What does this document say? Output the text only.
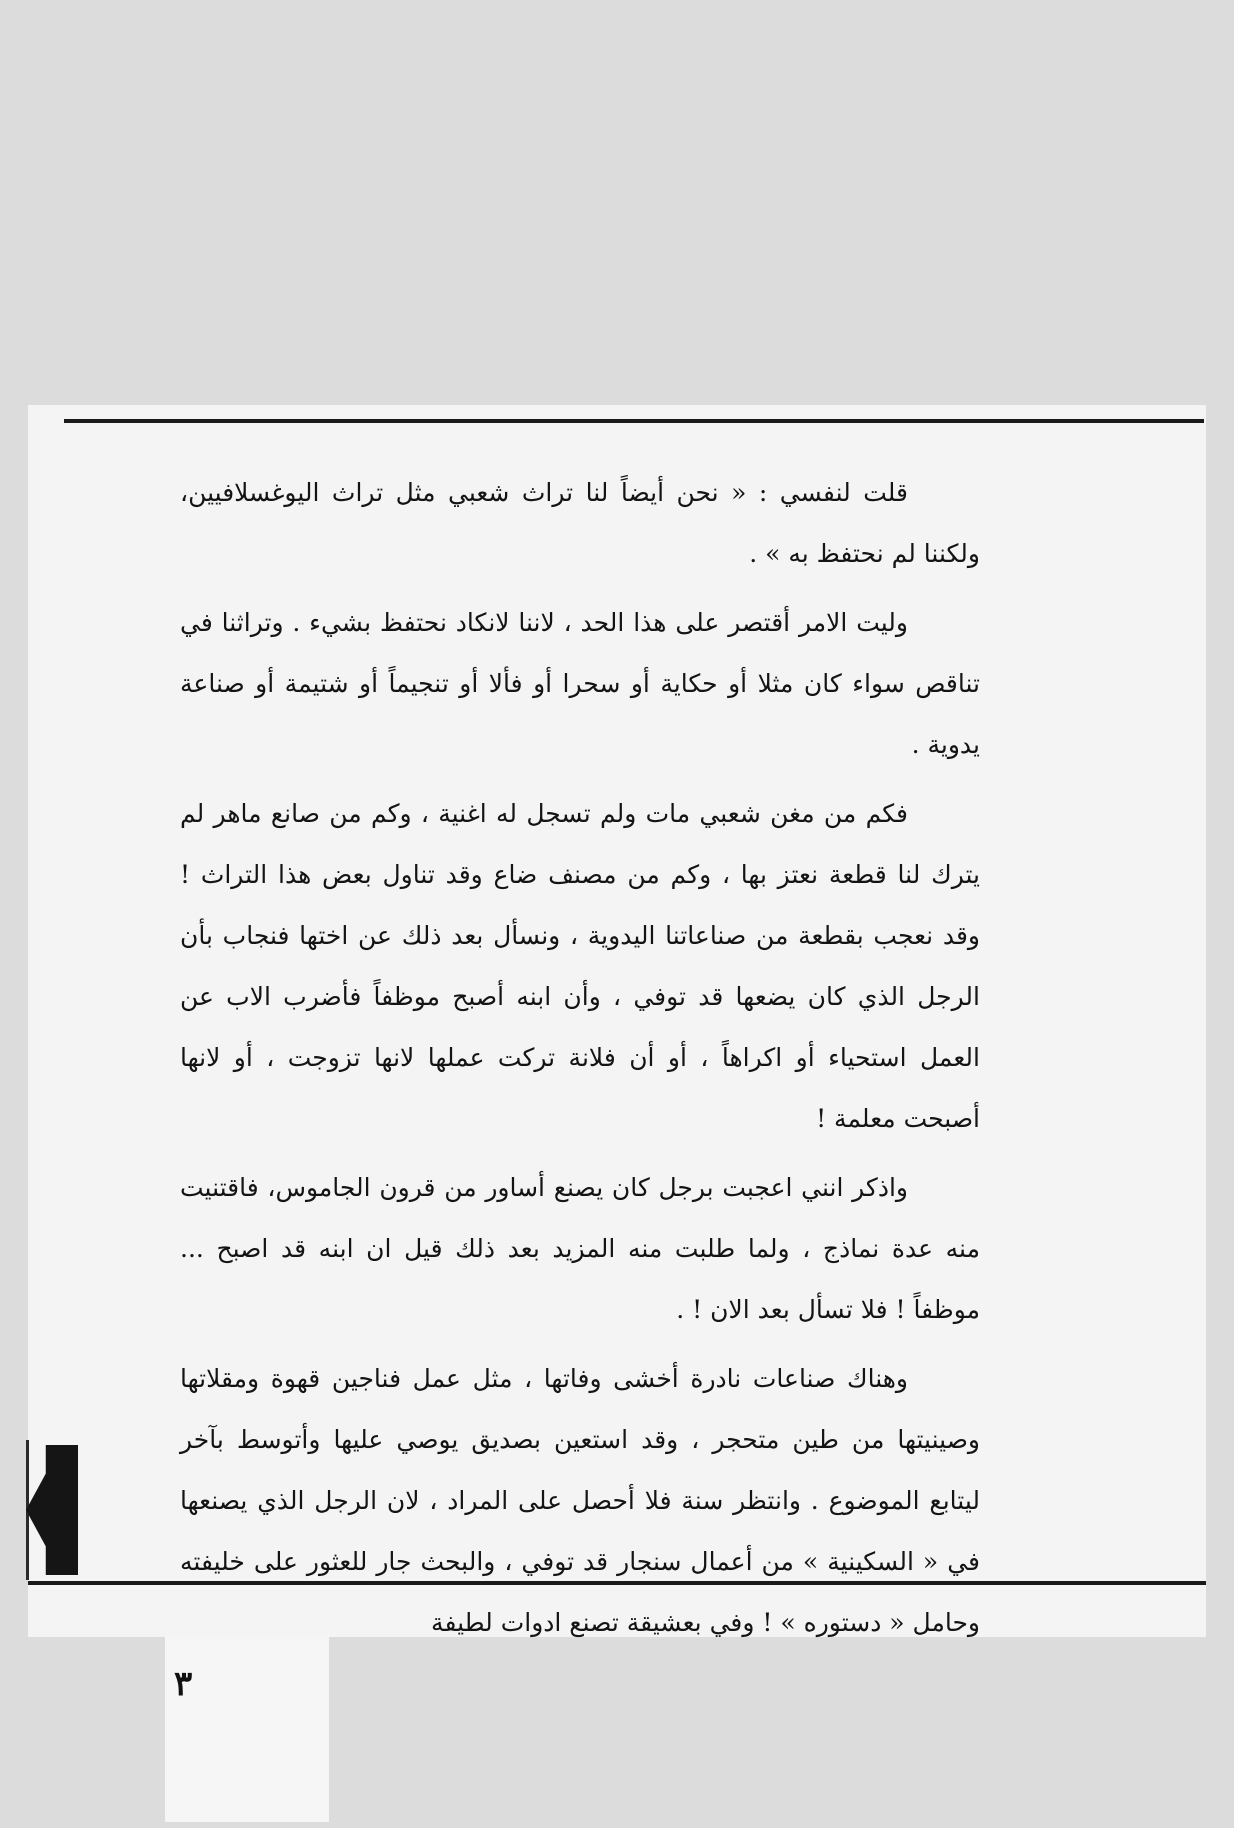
قلت لنفسي : « نحن أيضاً لنا تراث شعبي مثل تراث اليوغسلافيين، ولكننا لم نحتفظ به » .

وليت الامر أقتصر على هذا الحد ، لاننا لانكاد نحتفظ بشيء . وتراثنا في تناقص سواء كان مثلا أو حكاية أو سحرا أو فألا أو تنجيماً أو شتيمة أو صناعة يدوية .

فكم من مغن شعبي مات ولم تسجل له اغنية ، وكم من صانع ماهر لم يترك لنا قطعة نعتز بها ، وكم من مصنف ضاع وقد تناول بعض هذا التراث ! وقد نعجب بقطعة من صناعاتنا اليدوية ، ونسأل بعد ذلك عن اختها فنجاب بأن الرجل الذي كان يضعها قد توفي ، وأن ابنه أصبح موظفاً فأضرب الاب عن العمل استحياء أو اكراهاً ، أو أن فلانة تركت عملها لانها تزوجت ، أو لانها أصبحت معلمة !

واذكر انني اعجبت برجل كان يصنع أساور من قرون الجاموس، فاقتنيت منه عدة نماذج ، ولما طلبت منه المزيد بعد ذلك قيل ان ابنه قد اصبح ... موظفاً ! فلا تسأل بعد الان ! .

وهناك صناعات نادرة أخشى وفاتها ، مثل عمل فناجين قهوة ومقلاتها وصينيتها من طين متحجر ، وقد استعين بصديق يوصي عليها وأتوسط بآخر ليتابع الموضوع . وانتظر سنة فلا أحصل على المراد ، لان الرجل الذي يصنعها في « السكينية » من أعمال سنجار قد توفي ، والبحث جار للعثور على خليفته وحامل « دستوره » ! وفي بعشيقة تصنع ادوات لطيفة

٣
